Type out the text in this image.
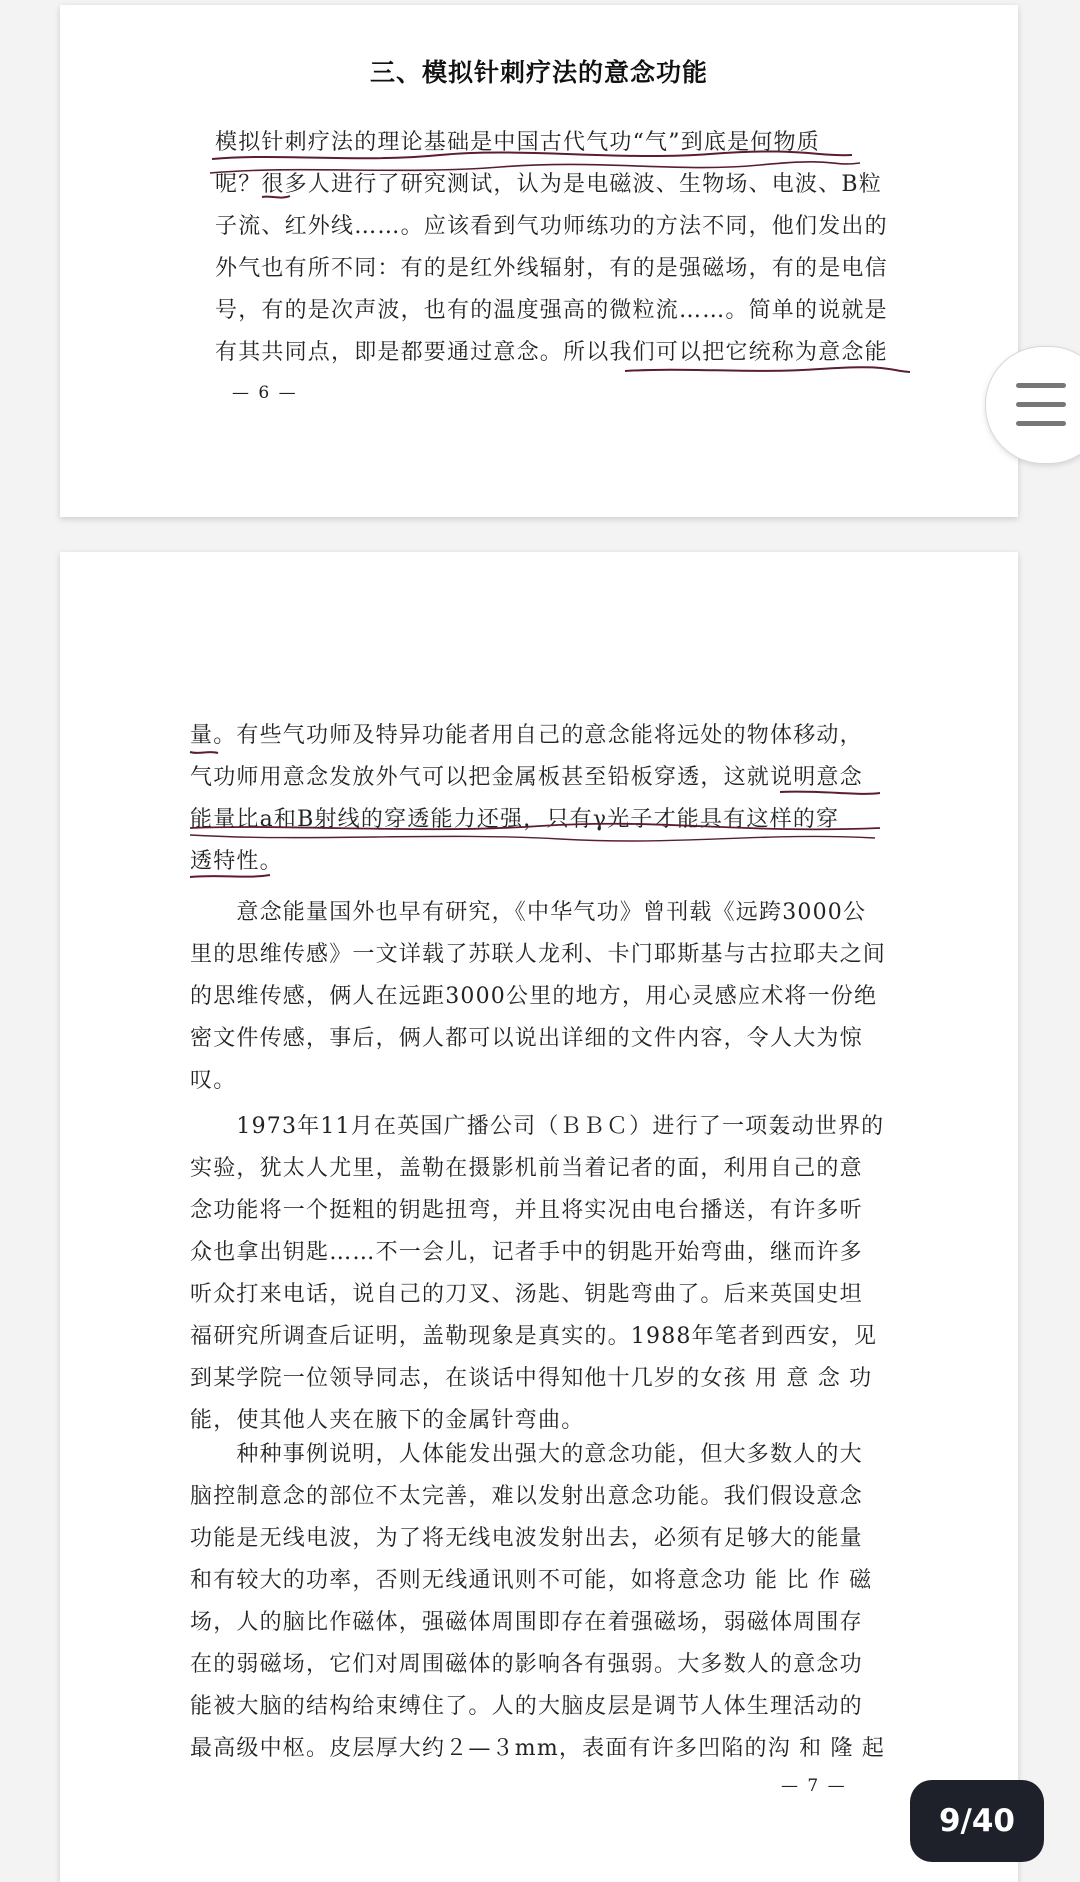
三、模拟针刺疗法的意念功能

模拟针刺疗法的理论基础是中国古代气功“气”到底是何物质
呢？很多人进行了研究测试，认为是电磁波、生物场、电波、B粒
子流、红外线……。应该看到气功师练功的方法不同，他们发出的
外气也有所不同：有的是红外线辐射，有的是强磁场，有的是电信
号，有的是次声波，也有的温度强高的微粒流……。简单的说就是
有其共同点，即是都要通过意念。所以我们可以把它统称为意念能

— 6 —

量。有些气功师及特异功能者用自己的意念能将远处的物体移动，
气功师用意念发放外气可以把金属板甚至铅板穿透，这就说明意念
能量比a和B射线的穿透能力还强，只有γ光子才能具有这样的穿
透特性。

　　意念能量国外也早有研究，《中华气功》曾刊载《远跨3000公
里的思维传感》一文详载了苏联人龙利、卡门耶斯基与古拉耶夫之间
的思维传感，俩人在远距3000公里的地方，用心灵感应术将一份绝
密文件传感，事后，俩人都可以说出详细的文件内容，令人大为惊
叹。

　　1973年11月在英国广播公司（ＢＢＣ）进行了一项轰动世界的
实验，犹太人尤里，盖勒在摄影机前当着记者的面，利用自己的意
念功能将一个挺粗的钥匙扭弯，并且将实况由电台播送，有许多听
众也拿出钥匙……不一会儿，记者手中的钥匙开始弯曲，继而许多
听众打来电话，说自己的刀叉、汤匙、钥匙弯曲了。后来英国史坦
福研究所调查后证明，盖勒现象是真实的。1988年笔者到西安，见
到某学院一位领导同志，在谈话中得知他十几岁的女孩 用 意 念 功
能，使其他人夹在腋下的金属针弯曲。

　　种种事例说明，人体能发出强大的意念功能，但大多数人的大
脑控制意念的部位不太完善，难以发射出意念功能。我们假设意念
功能是无线电波，为了将无线电波发射出去，必须有足够大的能量
和有较大的功率，否则无线通讯则不可能，如将意念功 能 比 作 磁
场，人的脑比作磁体，强磁体周围即存在着强磁场，弱磁体周围存
在的弱磁场，它们对周围磁体的影响各有强弱。大多数人的意念功
能被大脑的结构给束缚住了。人的大脑皮层是调节人体生理活动的
最高级中枢。皮层厚大约２—３mm，表面有许多凹陷的沟 和 隆 起

— 7 —

9/40
